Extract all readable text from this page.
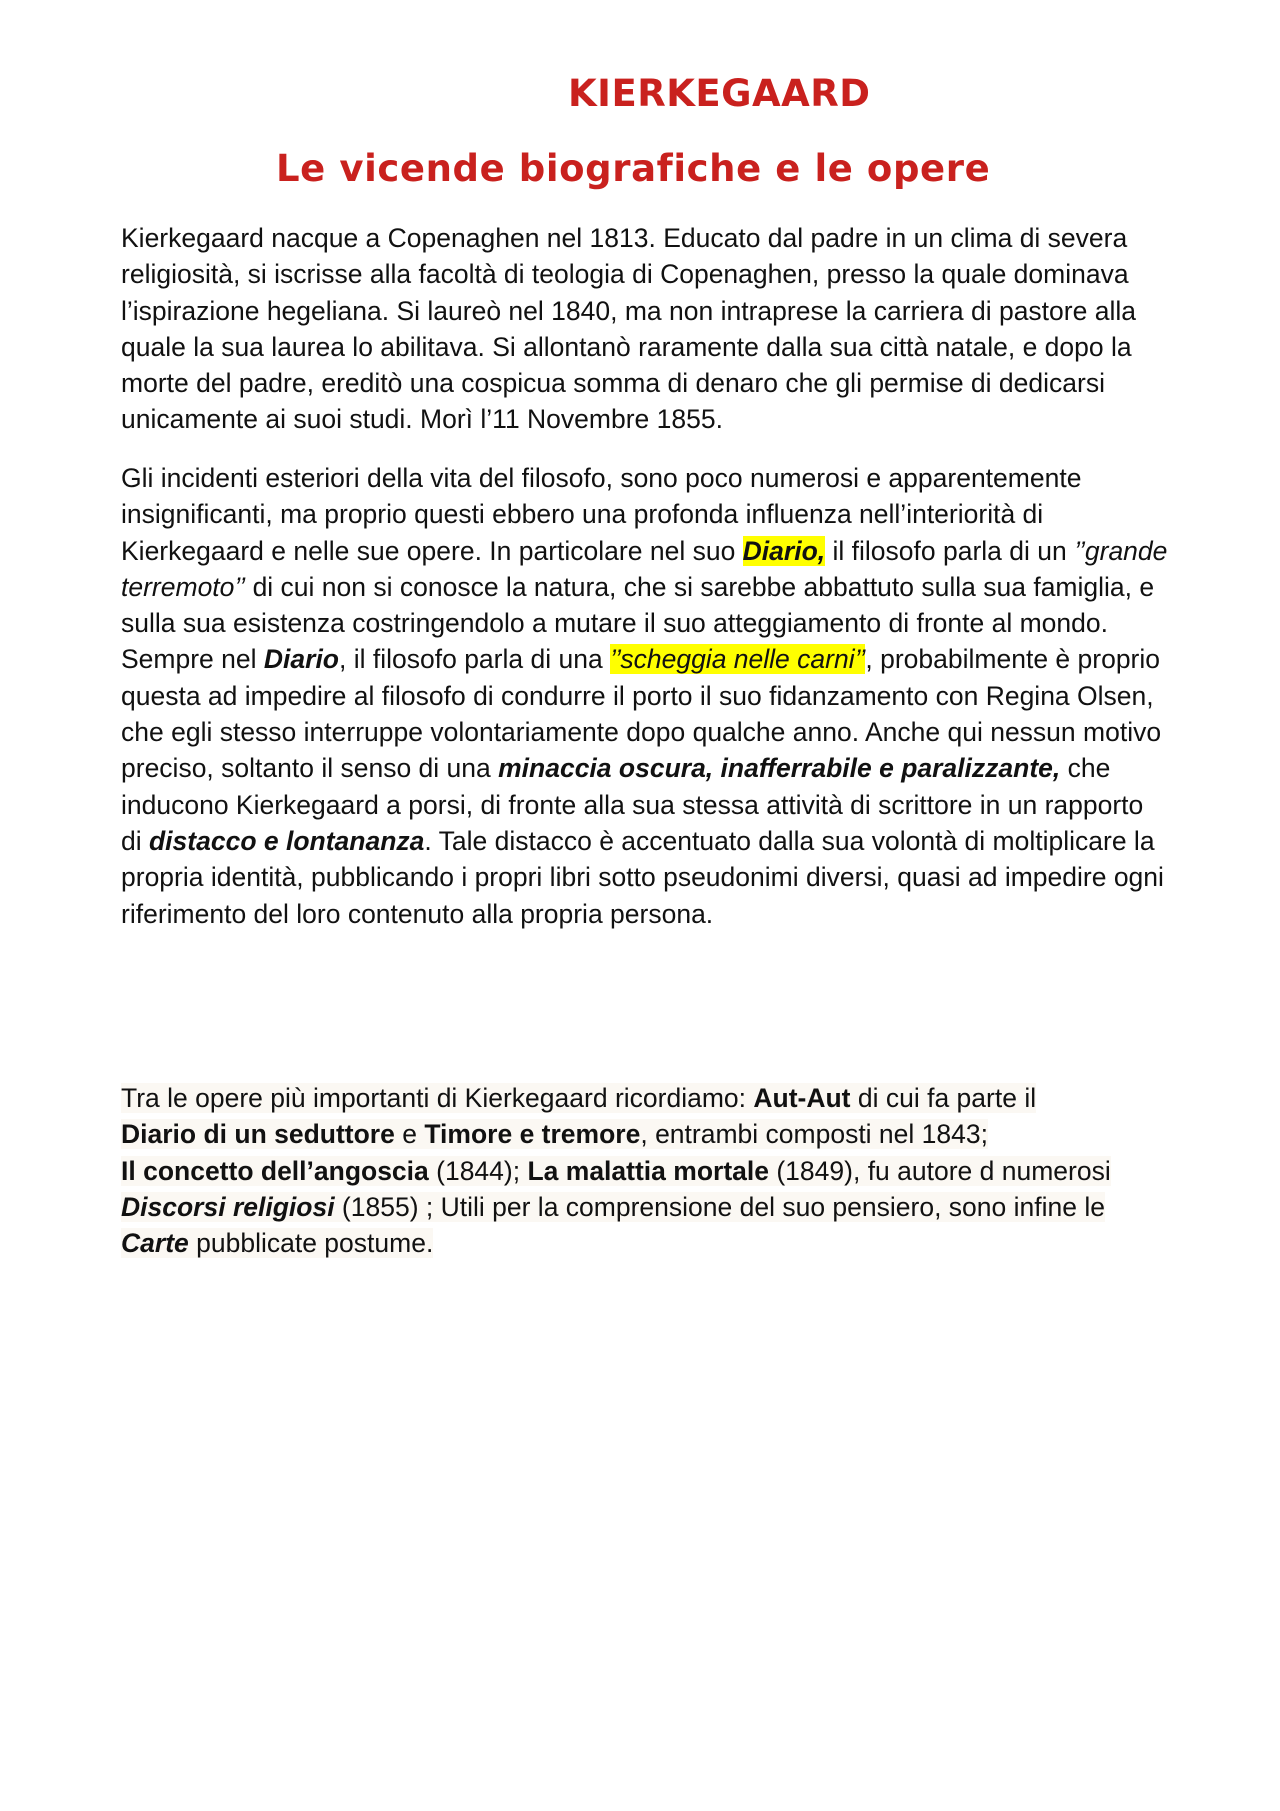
KIERKEGAARD
Le vicende biografiche e le opere
Kierkegaard nacque a Copenaghen nel 1813. Educato dal padre in un clima di severa religiosità, si iscrisse alla facoltà di teologia di Copenaghen, presso la quale dominava l’ispirazione hegeliana. Si laureò nel 1840, ma non intraprese la carriera di pastore alla quale la sua laurea lo abilitava. Si allontanò raramente dalla sua città natale, e dopo la morte del padre, ereditò una cospicua somma di denaro che gli permise di dedicarsi unicamente ai suoi studi. Morì l’11 Novembre 1855.
Gli incidenti esteriori della vita del filosofo, sono poco numerosi e apparentemente insignificanti, ma proprio questi ebbero una profonda influenza nell’interiorità di Kierkegaard e nelle sue opere. In particolare nel suo Diario, il filosofo parla di un ’’grande terremoto’’ di cui non si conosce la natura, che si sarebbe abbattuto sulla sua famiglia, e sulla sua esistenza costringendolo a mutare il suo atteggiamento di fronte al mondo.
Sempre nel Diario, il filosofo parla di una ’’scheggia nelle carni’’, probabilmente è proprio questa ad impedire al filosofo di condurre il porto il suo fidanzamento con Regina Olsen, che egli stesso interruppe volontariamente dopo qualche anno. Anche qui nessun motivo preciso, soltanto il senso di una minaccia oscura, inafferrabile e paralizzante, che inducono Kierkegaard a porsi, di fronte alla sua stessa attività di scrittore in un rapporto di distacco e lontananza. Tale distacco è accentuato dalla sua volontà di moltiplicare la propria identità, pubblicando i propri libri sotto pseudonimi diversi, quasi ad impedire ogni riferimento del loro contenuto alla propria persona.
Tra le opere più importanti di Kierkegaard ricordiamo: Aut-Aut di cui fa parte il
Diario di un seduttore e Timore e tremore, entrambi composti nel 1843;
Il concetto dell’angoscia (1844); La malattia mortale (1849), fu autore d numerosi Discorsi religiosi (1855) ; Utili per la comprensione del suo pensiero, sono infine le Carte pubblicate postume.
